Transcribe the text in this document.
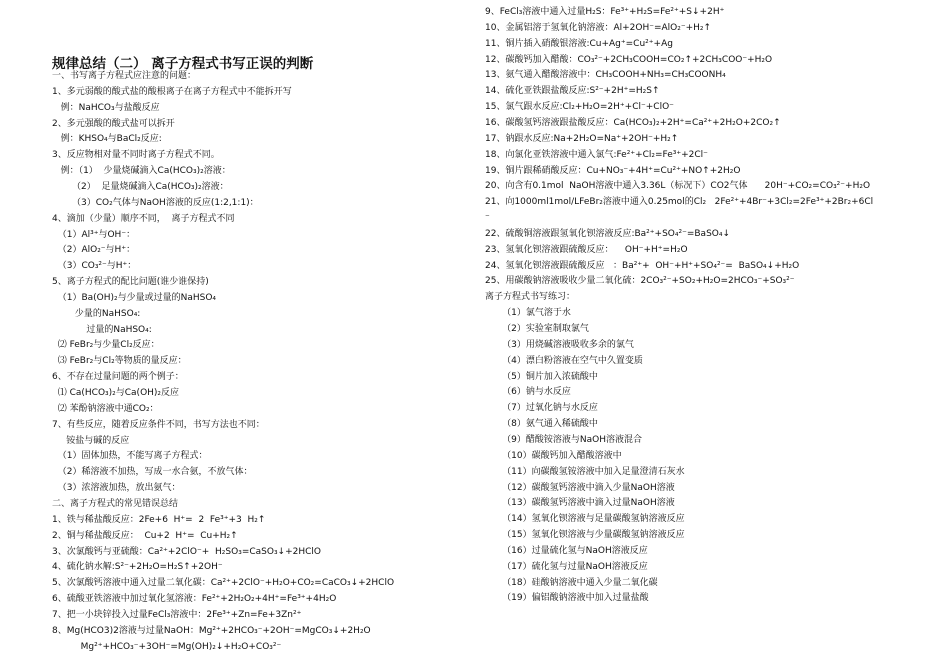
规律总结（二） 离子方程式书写正误的判断
一、书写离子方程式应注意的问题：
1、多元弱酸的酸式盐的酸根离子在离子方程式中不能拆开写
例：NaHCO₃与盐酸反应
2、多元强酸的酸式盐可以拆开
例：KHSO₄与BaCl₂反应:
3、反应物相对量不同时离子方程式不同。
例：（1）  少量烧碱滴入Ca(HCO₃)₂溶液：
（2）  足量烧碱滴入Ca(HCO₃)₂溶液：
（3）CO₂气体与NaOH溶液的反应(1:2,1:1)：
4、滴加（少量）顺序不同，  离子方程式不同
（1）Al³⁺与OH⁻：
（2）AlO₂⁻与H⁺：
（3）CO₃²⁻与H⁺：
5、离子方程式的配比问题(谁少谁保持)
（1）Ba(OH)₂与少量或过量的NaHSO₄
少量的NaHSO₄:
过量的NaHSO₄:
⑵ FeBr₂与少量Cl₂反应：
⑶ FeBr₂与Cl₂等物质的量反应：
6、不存在过量问题的两个例子：
⑴ Ca(HCO₃)₂与Ca(OH)₂反应
⑵ 苯酚钠溶液中通CO₂：
7、有些反应，随着反应条件不同，书写方法也不同：
铵盐与碱的反应
（1）固体加热，不能写离子方程式：
（2）稀溶液不加热，写成一水合氨，不放气体：
（3）浓溶液加热，放出氨气：
二、离子方程式的常见错误总结
1、铁与稀盐酸反应：2Fe+6  H⁺=  2  Fe³⁺+3  H₂↑
2、铜与稀盐酸反应：  Cu+2  H⁺=  Cu+H₂↑
3、次氯酸钙与亚硫酸：Ca²⁺+2ClO⁻+  H₂SO₃=CaSO₃↓+2HClO
4、硫化钠水解:S²⁻+2H₂O=H₂S↑+2OH⁻
5、次氯酸钙溶液中通入过量二氧化碳：Ca²⁺+2ClO⁻+H₂O+CO₂=CaCO₃↓+2HClO
6、硫酸亚铁溶液中加过氧化氢溶液：Fe²⁺+2H₂O₂+4H⁺=Fe³⁺+4H₂O
7、把一小块锌投入过量FeCl₃溶液中：2Fe³⁺+Zn=Fe+3Zn²⁺
8、Mg(HCO3)2溶液与过量NaOH：Mg²⁺+2HCO₃⁻+2OH⁻=MgCO₃↓+2H₂O
Mg²⁺+HCO₃⁻+3OH⁻=Mg(OH)₂↓+H₂O+CO₃²⁻
9、FeCl₃溶液中通入过量H₂S：Fe³⁺+H₂S=Fe²⁺+S↓+2H⁺
10、金属铝溶于氢氧化钠溶液：Al+2OH⁻=AlO₂⁻+H₂↑
11、铜片插入硝酸银溶液:Cu+Ag⁺=Cu²⁺+Ag
12、碳酸钙加入醋酸：CO₃²⁻+2CH₃COOH=CO₂↑+2CH₃COO⁻+H₂O
13、氨气通入醋酸溶液中：CH₃COOH+NH₃=CH₃COONH₄
14、硫化亚铁跟盐酸反应:S²⁻+2H⁺=H₂S↑
15、氯气跟水反应:Cl₂+H₂O=2H⁺+Cl⁻+ClO⁻
16、碳酸氢钙溶液跟盐酸反应：Ca(HCO₃)₂+2H⁺=Ca²⁺+2H₂O+2CO₂↑
17、钠跟水反应:Na+2H₂O=Na⁺+2OH⁻+H₂↑
18、向氯化亚铁溶液中通入氯气:Fe²⁺+Cl₂=Fe³⁺+2Cl⁻
19、铜片跟稀硝酸反应：Cu+NO₃⁻+4H⁺=Cu²⁺+NO↑+2H₂O
20、向含有0.1mol  NaOH溶液中通入3.36L（标况下）CO2气体      20H⁻+CO₂=CO₃²⁻+H₂O
21、向1000ml1mol/LFeBr₂溶液中通入0.25mol的Cl₂   2Fe²⁺+4Br⁻+3Cl₂=2Fe³⁺+2Br₂+6Cl
⁻
22、硫酸铜溶液跟氢氧化钡溶液反应:Ba²⁺+SO₄²⁻=BaSO₄↓
23、氢氧化钡溶液跟硫酸反应：    OH⁻+H⁺=H₂O
24、氢氧化钡溶液跟硫酸反应   ：Ba²⁺+  OH⁻+H⁺+SO₄²⁻=  BaSO₄↓+H₂O
25、用碳酸钠溶液吸收少量二氧化硫：2CO₃²⁻+SO₂+H₂O=2HCO₃⁻+SO₃²⁻
离子方程式书写练习：
（1）氯气溶于水
（2）实验室制取氯气
（3）用烧碱溶液吸收多余的氯气
（4）漂白粉溶液在空气中久置变质
（5）铜片加入浓硫酸中
（6）钠与水反应
（7）过氧化钠与水反应
（8）氨气通入稀硫酸中
（9）醋酸铵溶液与NaOH溶液混合
（10）碳酸钙加入醋酸溶液中
（11）向碳酸氢铵溶液中加入足量澄清石灰水
（12）碳酸氢钙溶液中滴入少量NaOH溶液
（13）碳酸氢钙溶液中滴入过量NaOH溶液
（14）氢氧化钡溶液与足量碳酸氢钠溶液反应
（15）氢氧化钡溶液与少量碳酸氢钠溶液反应
（16）过量硫化氢与NaOH溶液反应
（17）硫化氢与过量NaOH溶液反应
（18）硅酸钠溶液中通入少量二氧化碳
（19）偏铝酸钠溶液中加入过量盐酸
